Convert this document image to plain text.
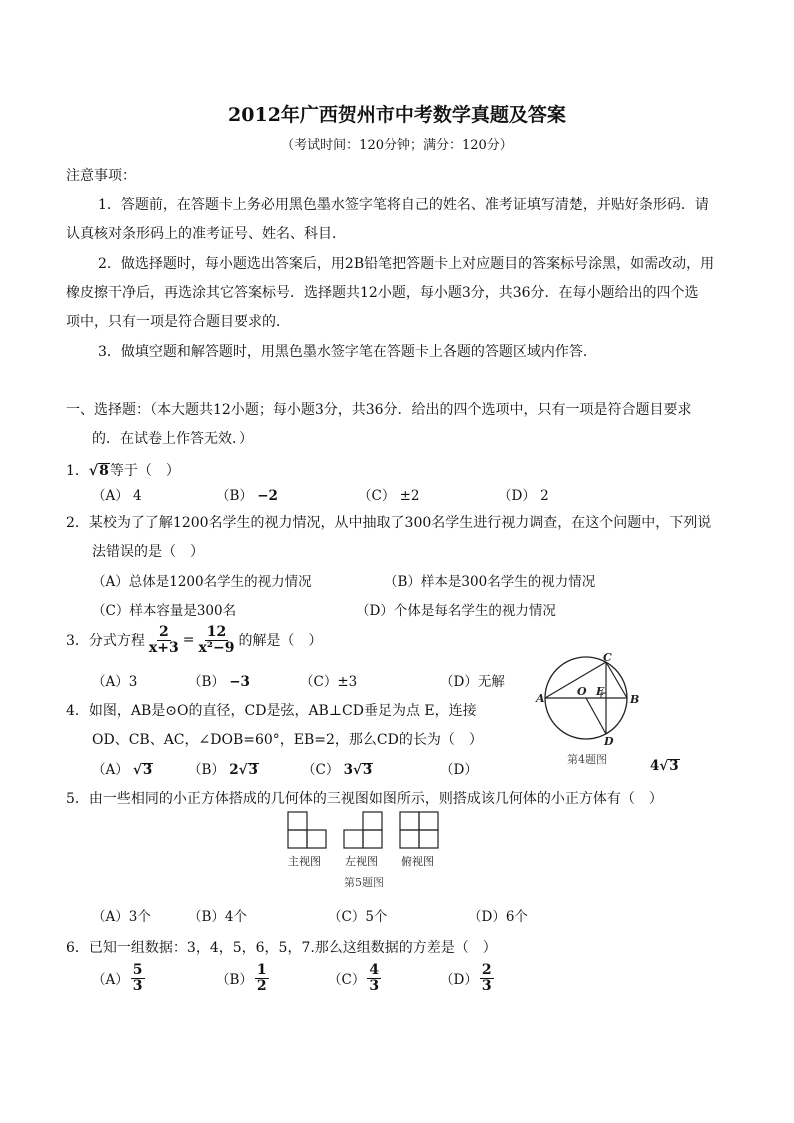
2012年广西贺州市中考数学真题及答案
（考试时间：120分钟；满分：120分）
注意事项：
1．答题前，在答题卡上务必用黑色墨水签字笔将自己的姓名、准考证填写清楚，并贴好条形码．请
认真核对条形码上的准考证号、姓名、科目．
2．做选择题时，每小题选出答案后，用2B铅笔把答题卡上对应题目的答案标号涂黑，如需改动，用
橡皮擦干净后，再选涂其它答案标号．选择题共12小题，每小题3分，共36分．在每小题给出的四个选
项中，只有一项是符合题目要求的．
3．做填空题和解答题时，用黑色墨水签字笔在答题卡上各题的答题区域内作答．
一、选择题：（本大题共12小题；每小题3分，共36分．给出的四个选项中，只有一项是符合题目要求
的．在试卷上作答无效．）
1．√8等于（　）
（A） 4	（B） −2	（C） ±2	（D） 2
2．某校为了了解1200名学生的视力情况，从中抽取了300名学生进行视力调查，在这个问题中，下列说
法错误的是（　）
（A）总体是1200名学生的视力情况	（B）样本是300名学生的视力情况
（C）样本容量是300名	（D）个体是每名学生的视力情况
3．分式方程 $\frac{2}{x+3} = \frac{12}{\text{x²−9}}$ 的解是（　）
（A）3	（B） −3	（C）±3	（D）无解
A
O E
B
C
D
第4题图
4．如图，AB是⊙O的直径，CD是弦，AB⊥CD垂足为点 E，连接
OD、CB、AC，∠DOB=60°，EB=2，那么CD的长为（　）
（A） √3	（B） 2√3	（C） 3√3	（D）	4√3
5．由一些相同的小正方体搭成的几何体的三视图如图所示，则搭成该几何体的小正方体有（　）
主视图 左视图 俯视图
第5题图
（A）3个	（B）4个	（C）5个	（D）6个
6．已知一组数据：3，4，5，6，5，7.那么这组数据的方差是（　）
$(A) \frac{5}{3}$	$(B) \frac{1}{2}$	$(C) \frac{4}{3}$	$(D) \frac{2}{3}$
